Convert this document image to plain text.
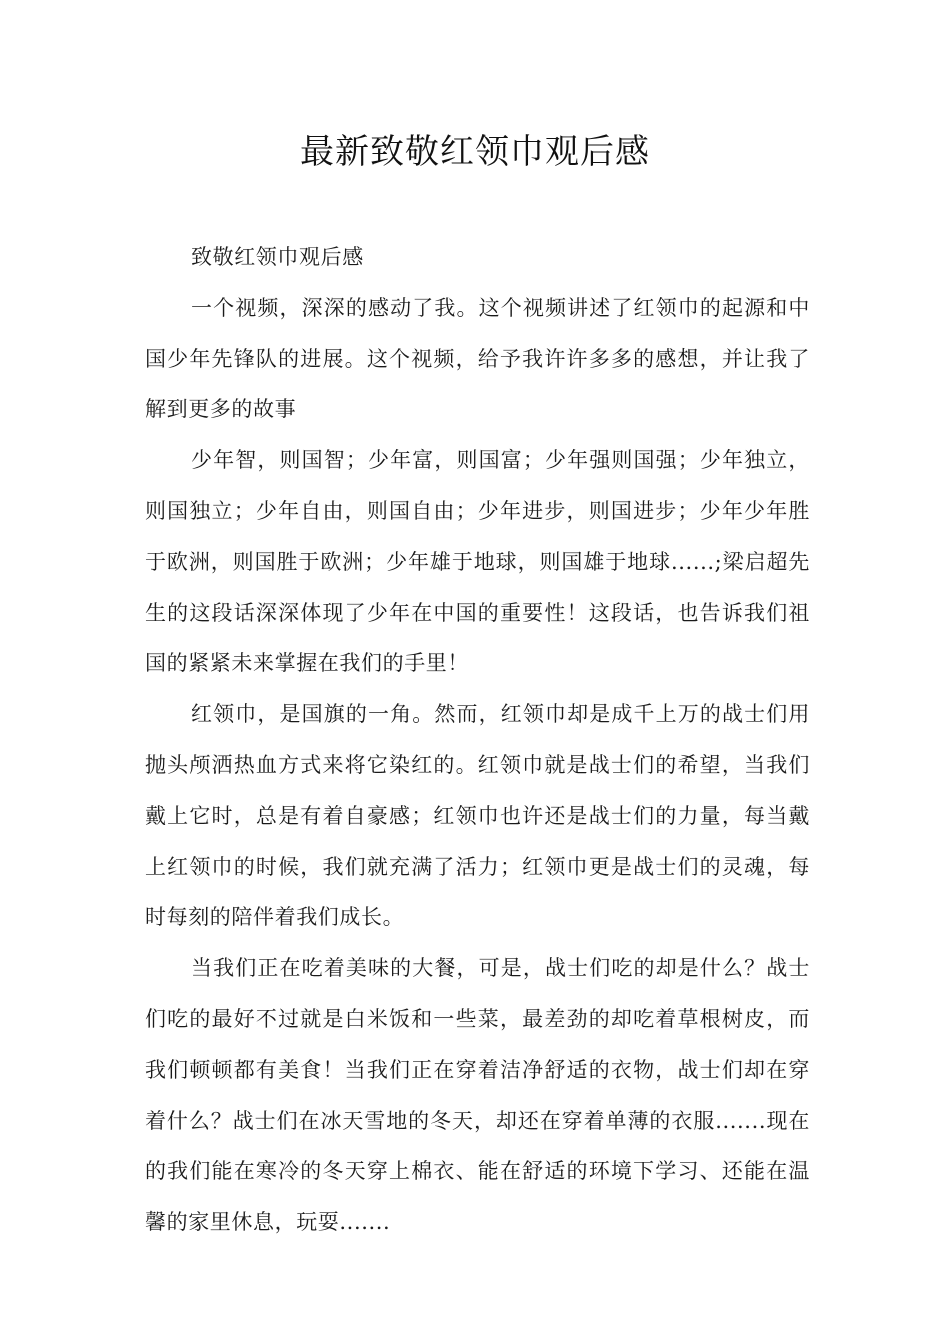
最新致敬红领巾观后感

致敬红领巾观后感

一个视频，深深的感动了我。这个视频讲述了红领巾的起源和中国少年先锋队的进展。这个视频，给予我许许多多的感想，并让我了解到更多的故事

少年智，则国智；少年富，则国富；少年强则国强；少年独立，则国独立；少年自由，则国自由；少年进步，则国进步；少年少年胜于欧洲，则国胜于欧洲；少年雄于地球，则国雄于地球......;梁启超先生的这段话深深体现了少年在中国的重要性！这段话，也告诉我们祖国的紧紧未来掌握在我们的手里！

红领巾，是国旗的一角。然而，红领巾却是成千上万的战士们用抛头颅洒热血方式来将它染红的。红领巾就是战士们的希望，当我们戴上它时，总是有着自豪感；红领巾也许还是战士们的力量，每当戴上红领巾的时候，我们就充满了活力；红领巾更是战士们的灵魂，每时每刻的陪伴着我们成长。

当我们正在吃着美味的大餐，可是，战士们吃的却是什么？战士们吃的最好不过就是白米饭和一些菜，最差劲的却吃着草根树皮，而我们顿顿都有美食！当我们正在穿着洁净舒适的衣物，战士们却在穿着什么？战士们在冰天雪地的冬天，却还在穿着单薄的衣服.......现在的我们能在寒冷的冬天穿上棉衣、能在舒适的环境下学习、还能在温馨的家里休息，玩耍.......
